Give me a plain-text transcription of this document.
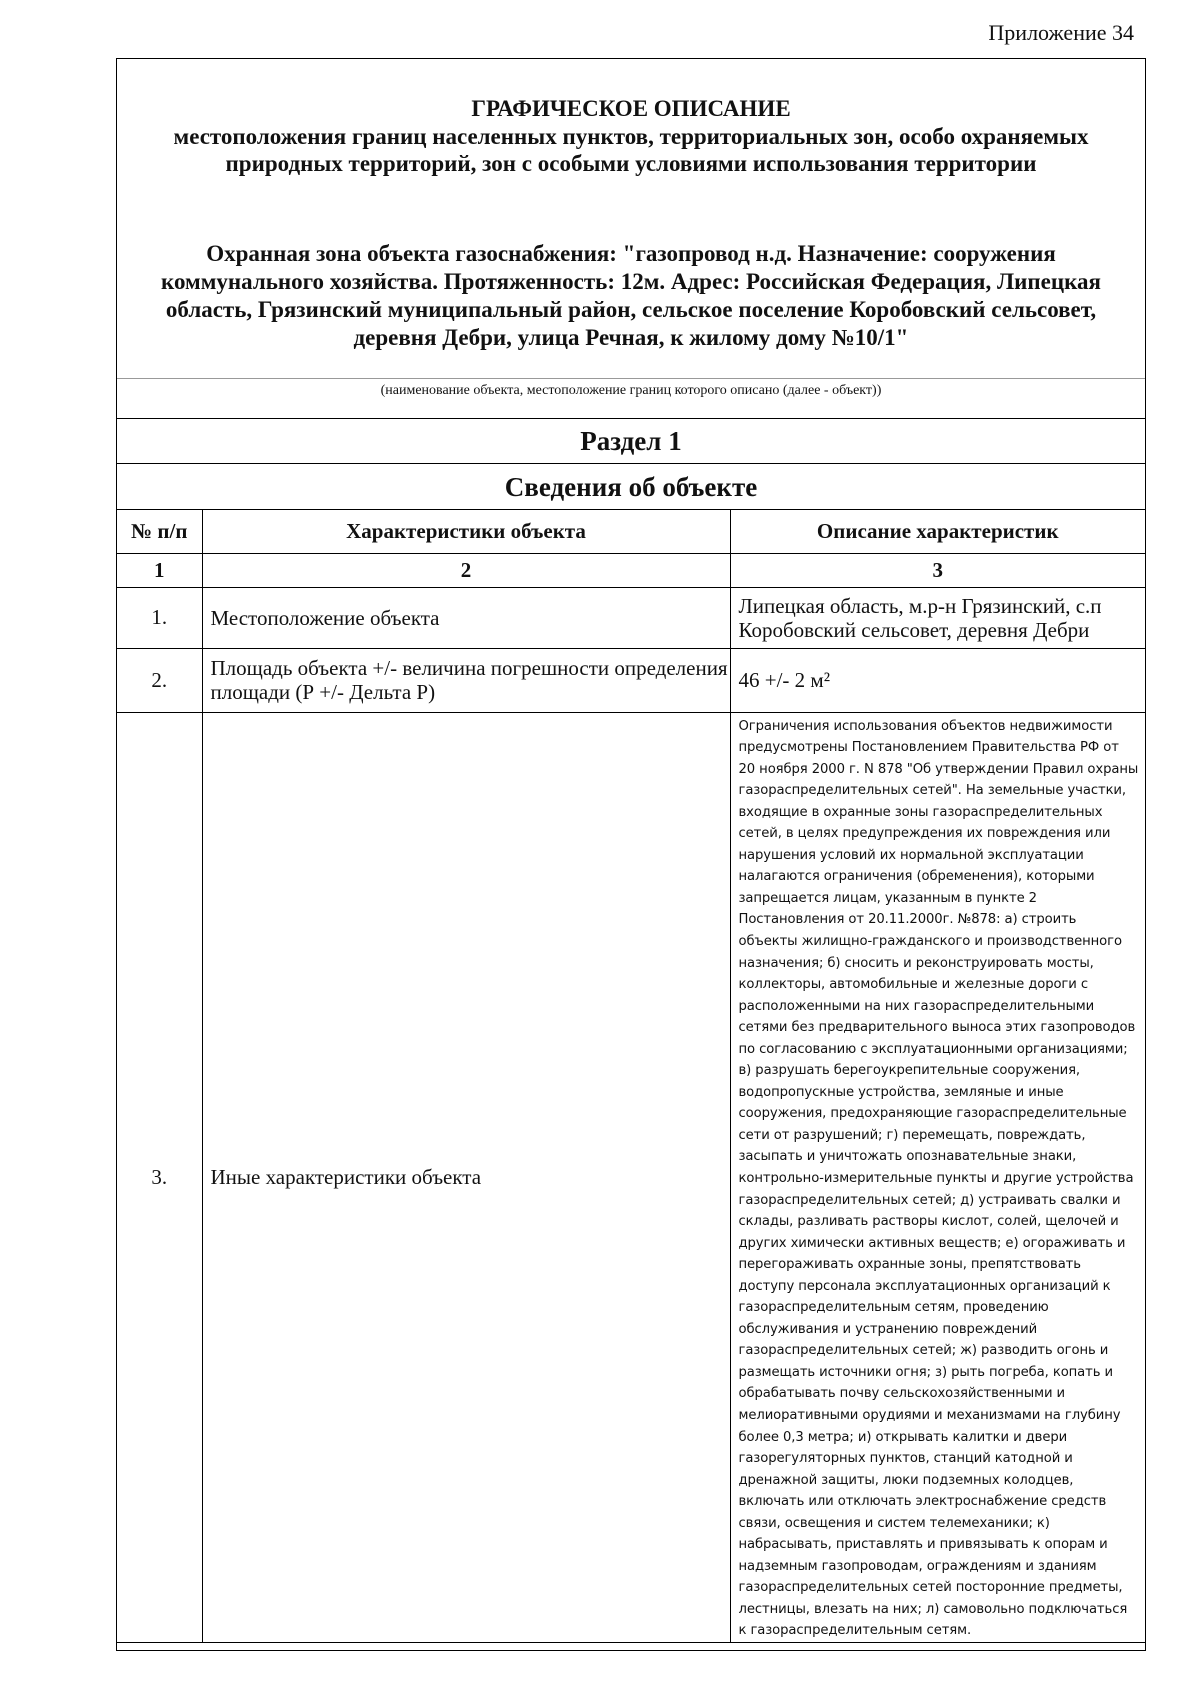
Приложение 34
ГРАФИЧЕСКОЕ ОПИСАНИЕ
местоположения границ населенных пунктов, территориальных зон, особо охраняемых природных территорий, зон с особыми условиями использования территории
Охранная зона объекта газоснабжения: "газопровод н.д. Назначение: сооружения коммунального хозяйства. Протяженность: 12м. Адрес: Российская Федерация, Липецкая область, Грязинский муниципальный район, сельское поселение Коробовский сельсовет, деревня Дебри, улица Речная, к жилому дому №10/1"
(наименование объекта, местоположение границ которого описано (далее - объект))
Раздел 1
Сведения об объекте
№ п/п	Характеристики объекта	Описание характеристик
1	2	3
1.	Местоположение объекта	Липецкая область, м.р-н Грязинский, с.п Коробовский сельсовет, деревня Дебри
2.	Площадь объекта +/- величина погрешности определения площади (Р +/- Дельта Р)	46 +/- 2 м²
3.	Иные характеристики объекта	Ограничения использования объектов недвижимости предусмотрены Постановлением Правительства РФ от 20 ноября 2000 г. N 878 "Об утверждении Правил охраны газораспределительных сетей". На земельные участки, входящие в охранные зоны газораспределительных сетей, в целях предупреждения их повреждения или нарушения условий их нормальной эксплуатации налагаются ограничения (обременения), которыми запрещается лицам, указанным в пункте 2 Постановления от 20.11.2000г. №878: а) строить объекты жилищно-гражданского и производственного назначения; б) сносить и реконструировать мосты, коллекторы, автомобильные и железные дороги с расположенными на них газораспределительными сетями без предварительного выноса этих газопроводов по согласованию с эксплуатационными организациями; в) разрушать берегоукрепительные сооружения, водопропускные устройства, земляные и иные сооружения, предохраняющие газораспределительные сети от разрушений; г) перемещать, повреждать, засыпать и уничтожать опознавательные знаки, контрольно-измерительные пункты и другие устройства газораспределительных сетей; д) устраивать свалки и склады, разливать растворы кислот, солей, щелочей и других химически активных веществ; е) огораживать и перегораживать охранные зоны, препятствовать доступу персонала эксплуатационных организаций к газораспределительным сетям, проведению обслуживания и устранению повреждений газораспределительных сетей; ж) разводить огонь и размещать источники огня; з) рыть погреба, копать и обрабатывать почву сельскохозяйственными и мелиоративными орудиями и механизмами на глубину более 0,3 метра; и) открывать калитки и двери газорегуляторных пунктов, станций катодной и дренажной защиты, люки подземных колодцев, включать или отключать электроснабжение средств связи, освещения и систем телемеханики; к) набрасывать, приставлять и привязывать к опорам и надземным газопроводам, ограждениям и зданиям газораспределительных сетей посторонние предметы, лестницы, влезать на них; л) самовольно подключаться к газораспределительным сетям.
